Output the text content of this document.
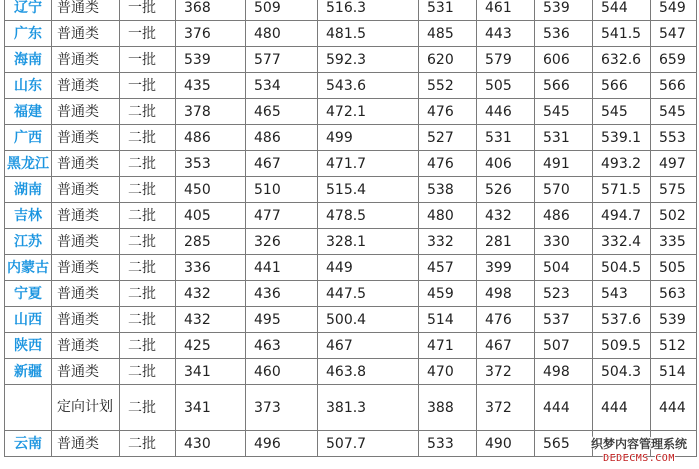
辽宁	普通类	一批	368	509	516.3	531	461	539	544	549
广东	普通类	一批	376	480	481.5	485	443	536	541.5	547
海南	普通类	一批	539	577	592.3	620	579	606	632.6	659
山东	普通类	一批	435	534	543.6	552	505	566	566	566
福建	普通类	二批	378	465	472.1	476	446	545	545	545
广西	普通类	二批	486	486	499	527	531	531	539.1	553
黑龙江	普通类	二批	353	467	471.7	476	406	491	493.2	497
湖南	普通类	二批	450	510	515.4	538	526	570	571.5	575
吉林	普通类	二批	405	477	478.5	480	432	486	494.7	502
江苏	普通类	二批	285	326	328.1	332	281	330	332.4	335
内蒙古	普通类	二批	336	441	449	457	399	504	504.5	505
宁夏	普通类	二批	432	436	447.5	459	498	523	543	563
山西	普通类	二批	432	495	500.4	514	476	537	537.6	539
陕西	普通类	二批	425	463	467	471	467	507	509.5	512
新疆	普通类	二批	341	460	463.8	470	372	498	504.3	514
	定向计划	二批	341	373	381.3	388	372	444	444	444
云南	普通类	二批	430	496	507.7	533	490	565			织梦内容管理系统
DEDECMS.COM
